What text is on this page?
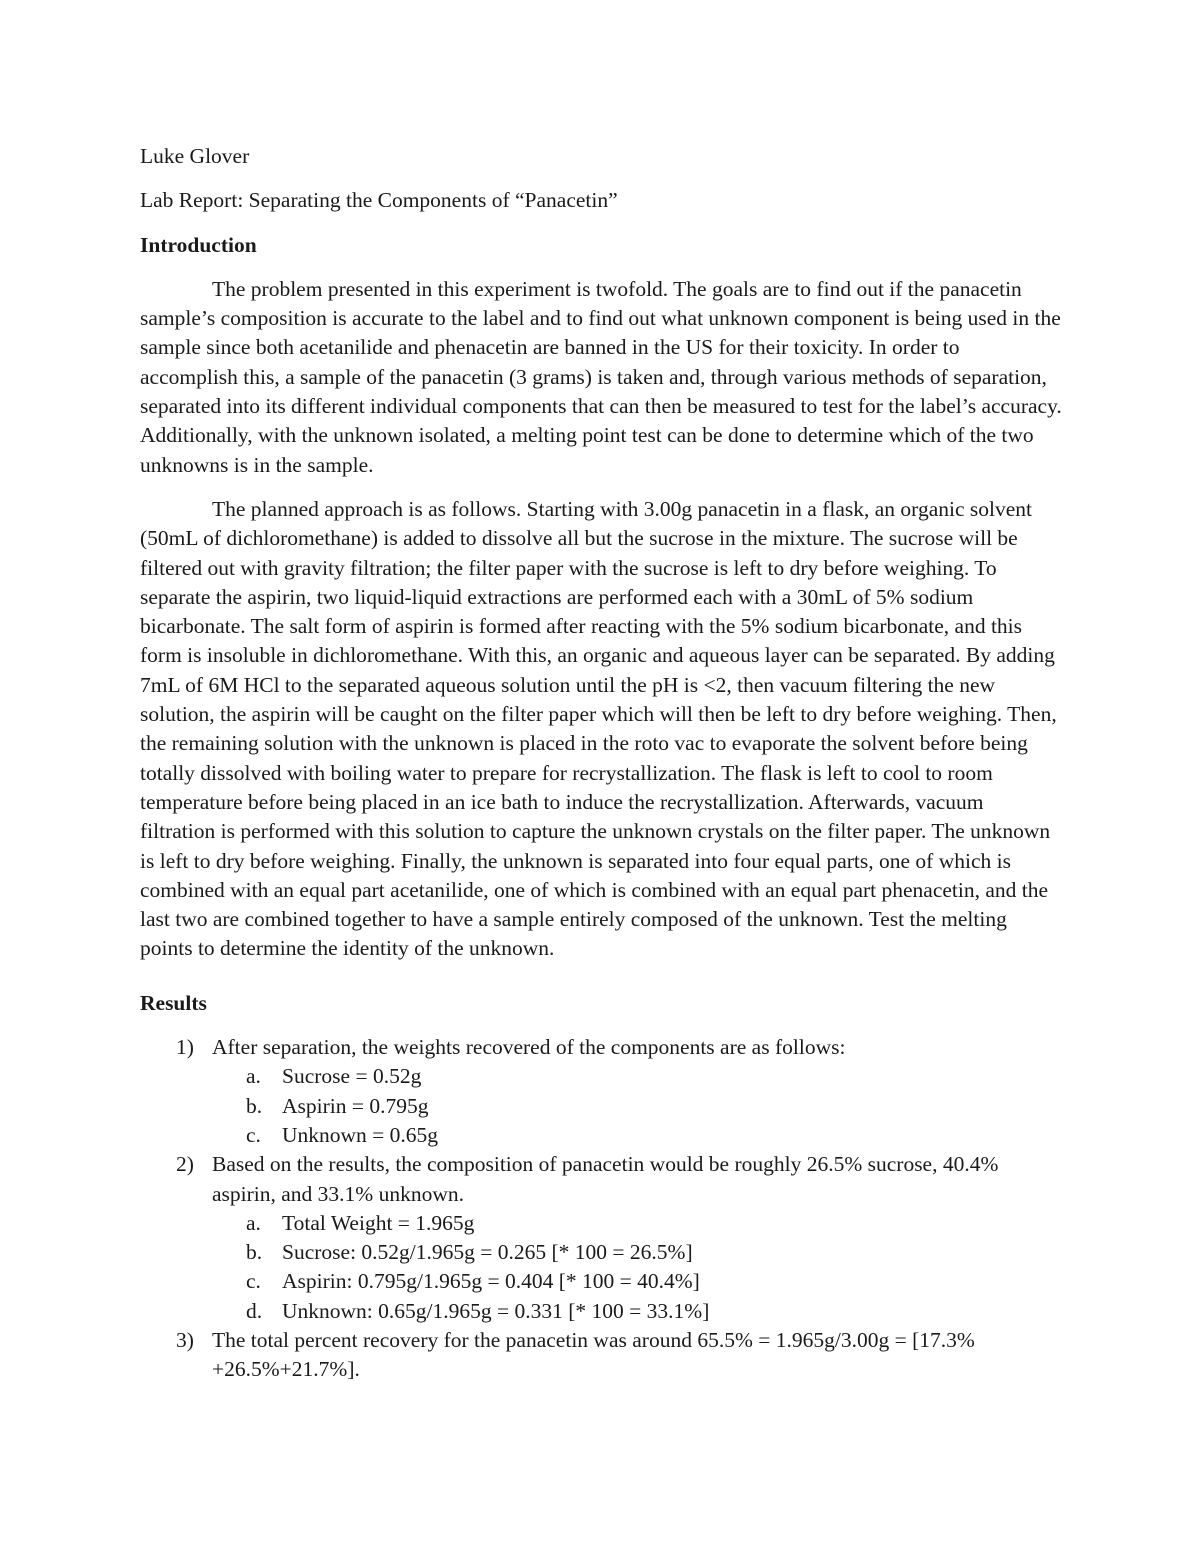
Luke Glover

Lab Report: Separating the Components of “Panacetin”

Introduction

The problem presented in this experiment is twofold. The goals are to find out if the panacetin sample’s composition is accurate to the label and to find out what unknown component is being used in the sample since both acetanilide and phenacetin are banned in the US for their toxicity. In order to accomplish this, a sample of the panacetin (3 grams) is taken and, through various methods of separation, separated into its different individual components that can then be measured to test for the label’s accuracy. Additionally, with the unknown isolated, a melting point test can be done to determine which of the two unknowns is in the sample.

The planned approach is as follows. Starting with 3.00g panacetin in a flask, an organic solvent (50mL of dichloromethane) is added to dissolve all but the sucrose in the mixture. The sucrose will be filtered out with gravity filtration; the filter paper with the sucrose is left to dry before weighing. To separate the aspirin, two liquid-liquid extractions are performed each with a 30mL of 5% sodium bicarbonate. The salt form of aspirin is formed after reacting with the 5% sodium bicarbonate, and this form is insoluble in dichloromethane. With this, an organic and aqueous layer can be separated. By adding 7mL of 6M HCl to the separated aqueous solution until the pH is <2, then vacuum filtering the new solution, the aspirin will be caught on the filter paper which will then be left to dry before weighing. Then, the remaining solution with the unknown is placed in the roto vac to evaporate the solvent before being totally dissolved with boiling water to prepare for recrystallization. The flask is left to cool to room temperature before being placed in an ice bath to induce the recrystallization. Afterwards, vacuum filtration is performed with this solution to capture the unknown crystals on the filter paper. The unknown is left to dry before weighing. Finally, the unknown is separated into four equal parts, one of which is combined with an equal part acetanilide, one of which is combined with an equal part phenacetin, and the last two are combined together to have a sample entirely composed of the unknown. Test the melting points to determine the identity of the unknown.

Results

1) After separation, the weights recovered of the components are as follows:
a. Sucrose = 0.52g
b. Aspirin = 0.795g
c. Unknown = 0.65g
2) Based on the results, the composition of panacetin would be roughly 26.5% sucrose, 40.4% aspirin, and 33.1% unknown.
a. Total Weight = 1.965g
b. Sucrose: 0.52g/1.965g = 0.265 [* 100 = 26.5%]
c. Aspirin: 0.795g/1.965g = 0.404 [* 100 = 40.4%]
d. Unknown: 0.65g/1.965g = 0.331 [* 100 = 33.1%]
3) The total percent recovery for the panacetin was around 65.5% = 1.965g/3.00g = [17.3% +26.5%+21.7%].
